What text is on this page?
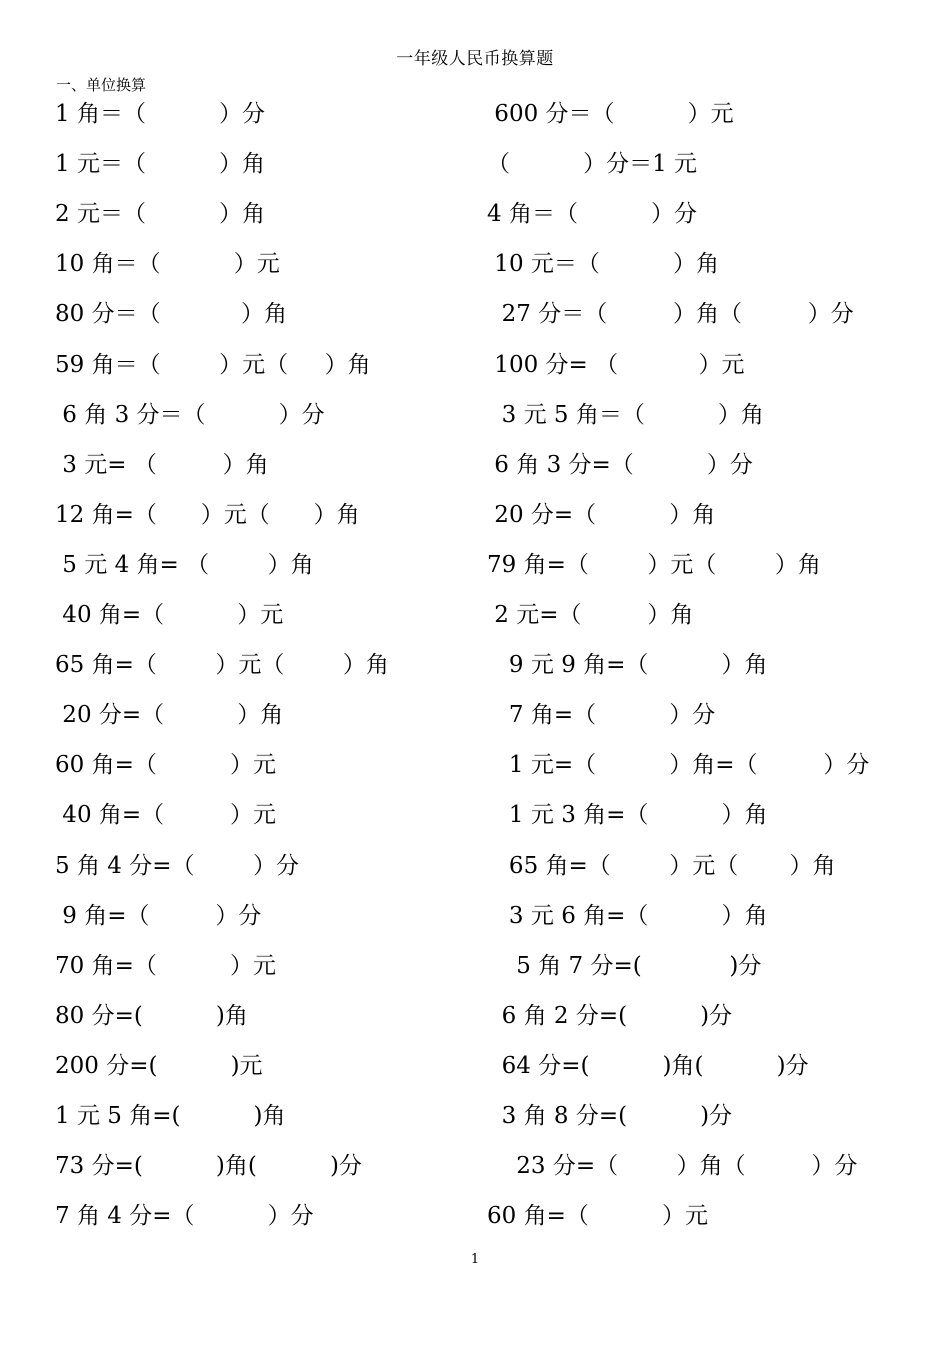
一年级人民币换算题
一、单位换算
1 角＝（          ）分	600 分＝（          ）元
1 元＝（          ）角	（          ）分＝1 元
2 元＝（          ）角	4 角＝（          ）分
10 角＝（          ）元	10 元＝（          ）角
80 分＝（           ）角	27 分＝（         ）角（         ）分
59 角＝（        ）元（     ）角	100 分= （           ）元
6 角 3 分＝（          ）分	3 元 5 角＝（          ）角
3 元= （         ）角	6 角 3 分=（          ）分
12 角=（      ）元（      ）角	20 分=（          ）角
5 元 4 角= （        ）角	79 角=（        ）元（        ）角
40 角=（          ）元	2 元=（         ）角
65 角=（        ）元（        ）角	9 元 9 角=（          ）角
20 分=（          ）角	7 角=（          ）分
60 角=（          ）元	1 元=（          ）角=（         ）分
40 角=（         ）元	1 元 3 角=（          ）角
5 角 4 分=（        ）分	65 角=（        ）元（       ）角
9 角=（         ）分	3 元 6 角=（          ）角
70 角=（          ）元	5 角 7 分=(            )分
80 分=(          )角	6 角 2 分=(          )分
200 分=(          )元	64 分=(          )角(          )分
1 元 5 角=(          )角	3 角 8 分=(          )分
73 分=(          )角(          )分	23 分=（        ）角（         ）分
7 角 4 分=（          ）分	60 角=（          ）元
1
